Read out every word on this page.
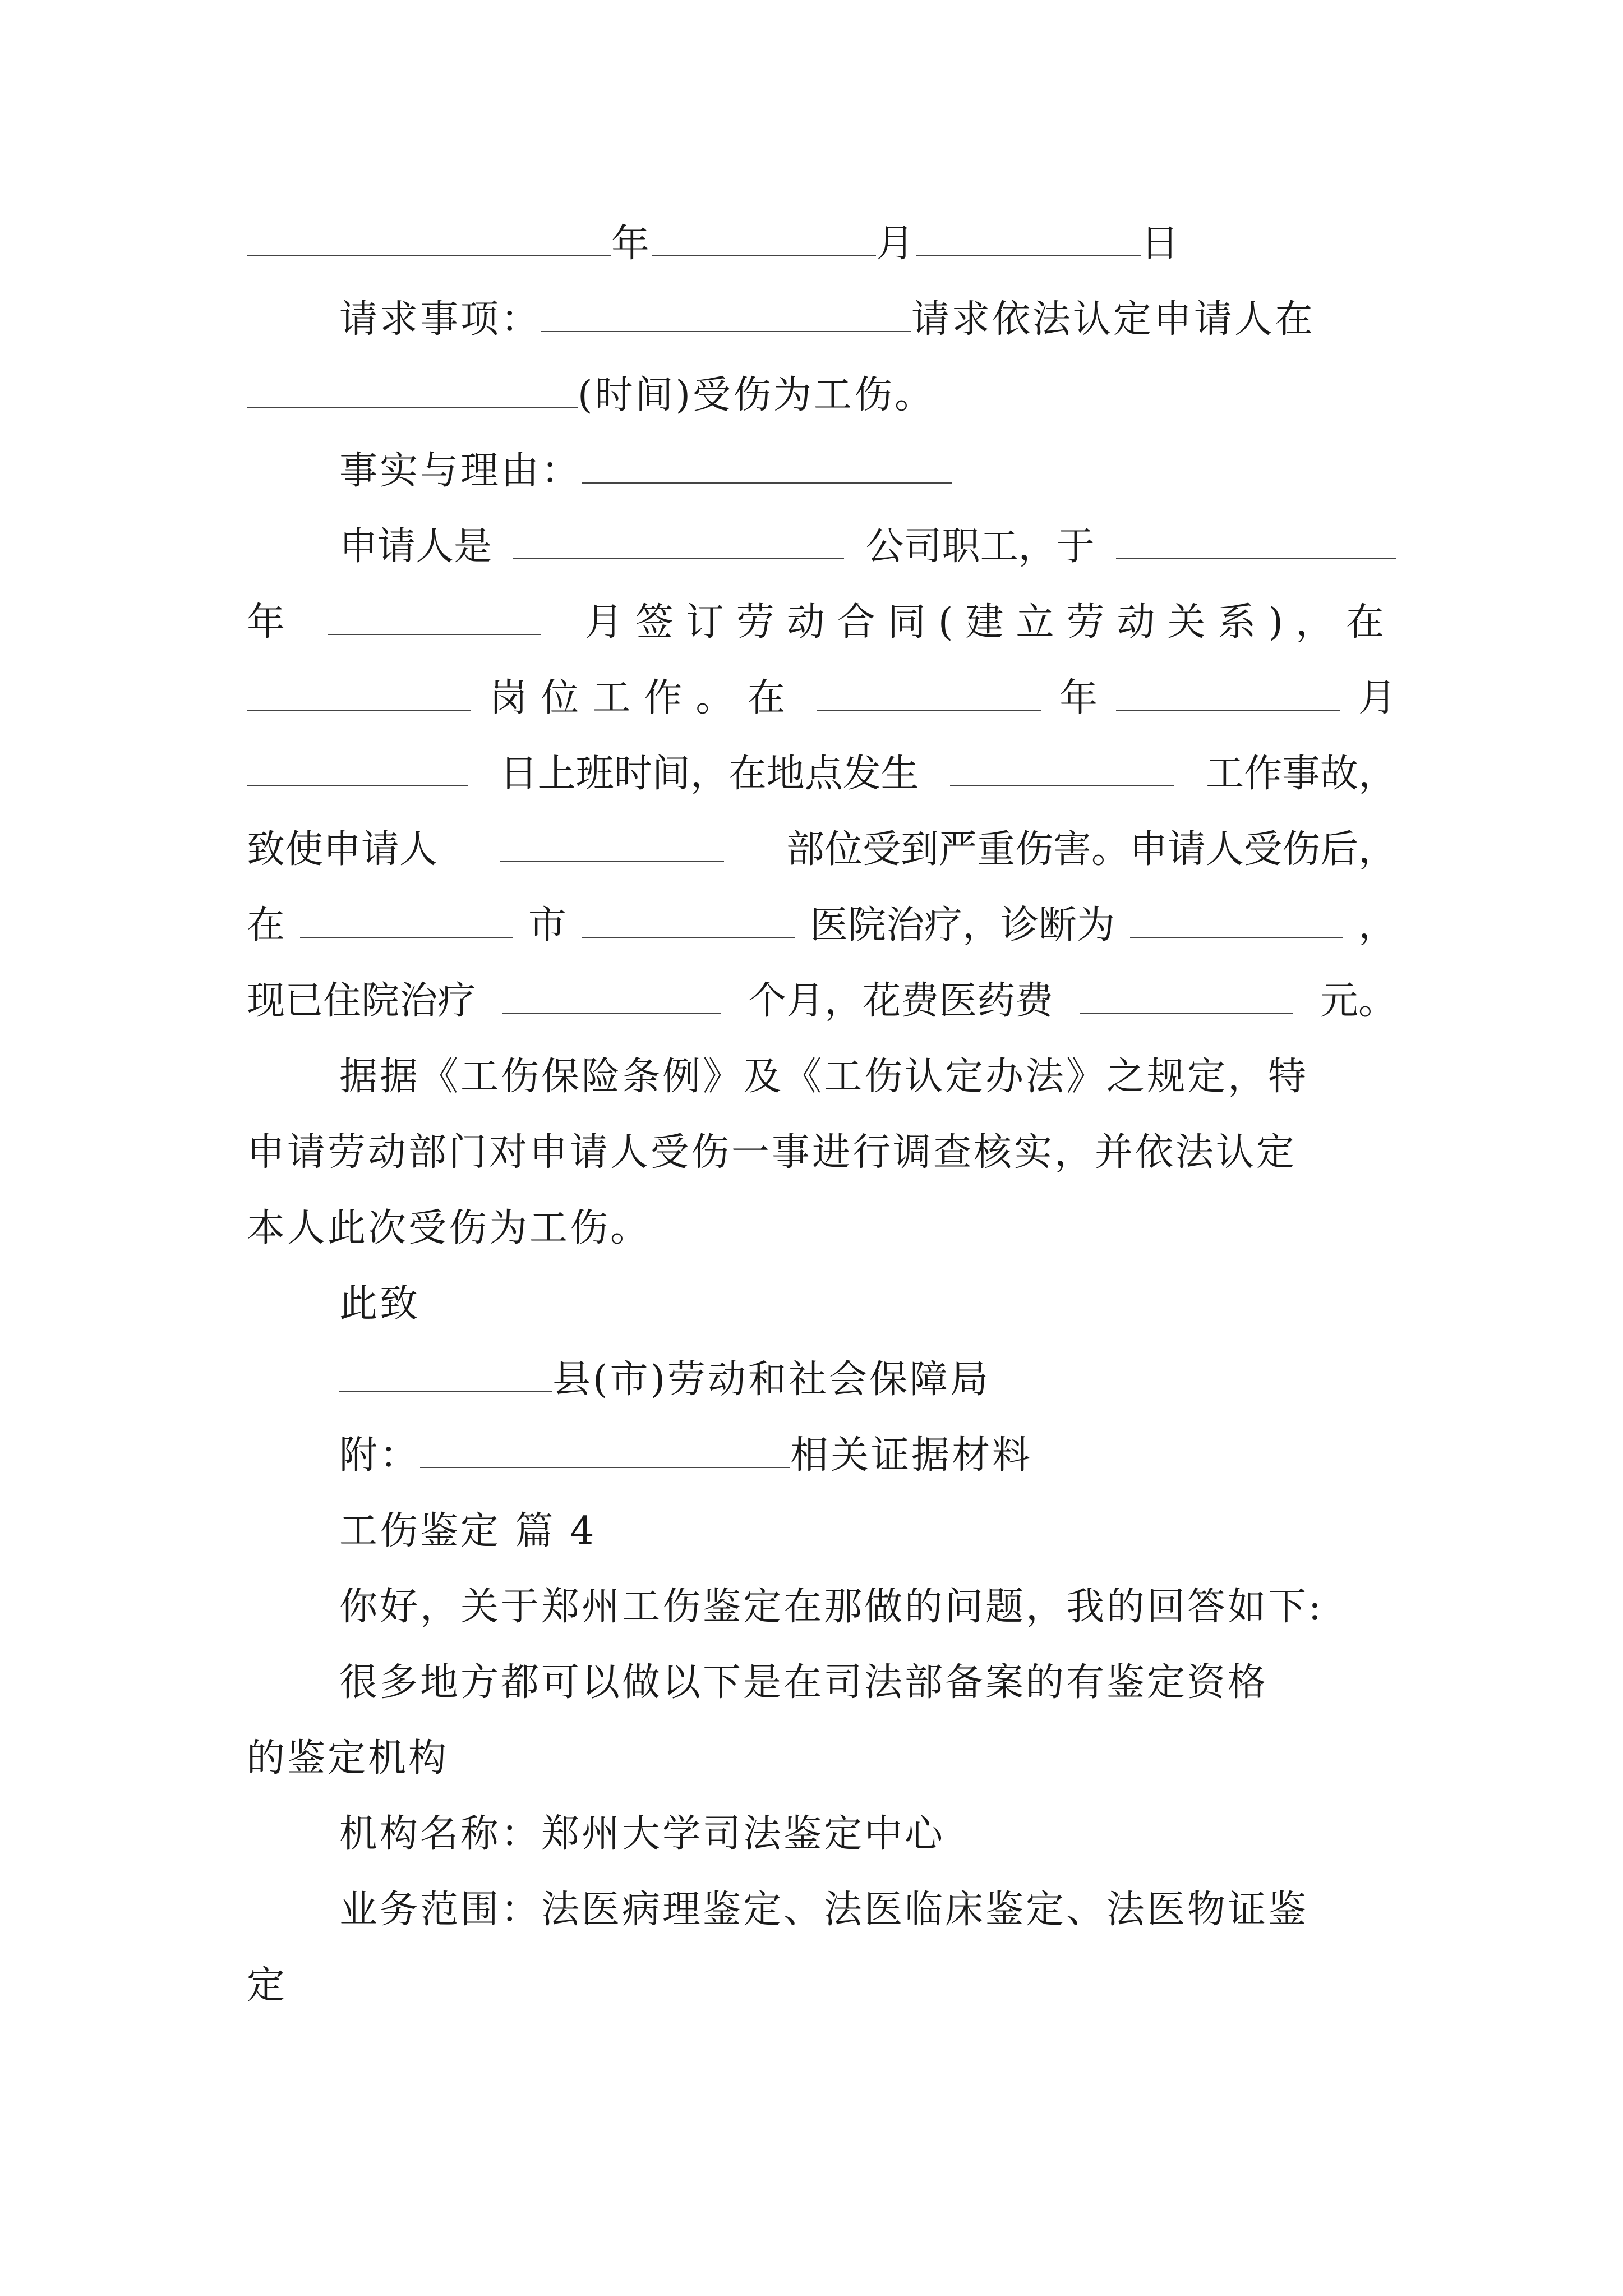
年	月	日
请求事项：	请求依法认定申请人在
(时间)受伤为工伤。
事实与理由：
申请人是	公司职工，于
年	月签订劳动合同(建立劳动关系)，在
岗位工作。在	年	月
日上班时间，在地点发生	工作事故，
致使申请人	部位受到严重伤害。申请人受伤后，
在	市	医院治疗，诊断为	，
现已住院治疗	个月，花费医药费	元。
据据《工伤保险条例》及《工伤认定办法》之规定，特
申请劳动部门对申请人受伤一事进行调查核实，并依法认定
本人此次受伤为工伤。
此致
县(市)劳动和社会保障局
附：	相关证据材料
工伤鉴定 篇 4
你好，关于郑州工伤鉴定在那做的问题，我的回答如下:
很多地方都可以做以下是在司法部备案的有鉴定资格
的鉴定机构
机构名称：郑州大学司法鉴定中心
业务范围：法医病理鉴定、法医临床鉴定、法医物证鉴
定
